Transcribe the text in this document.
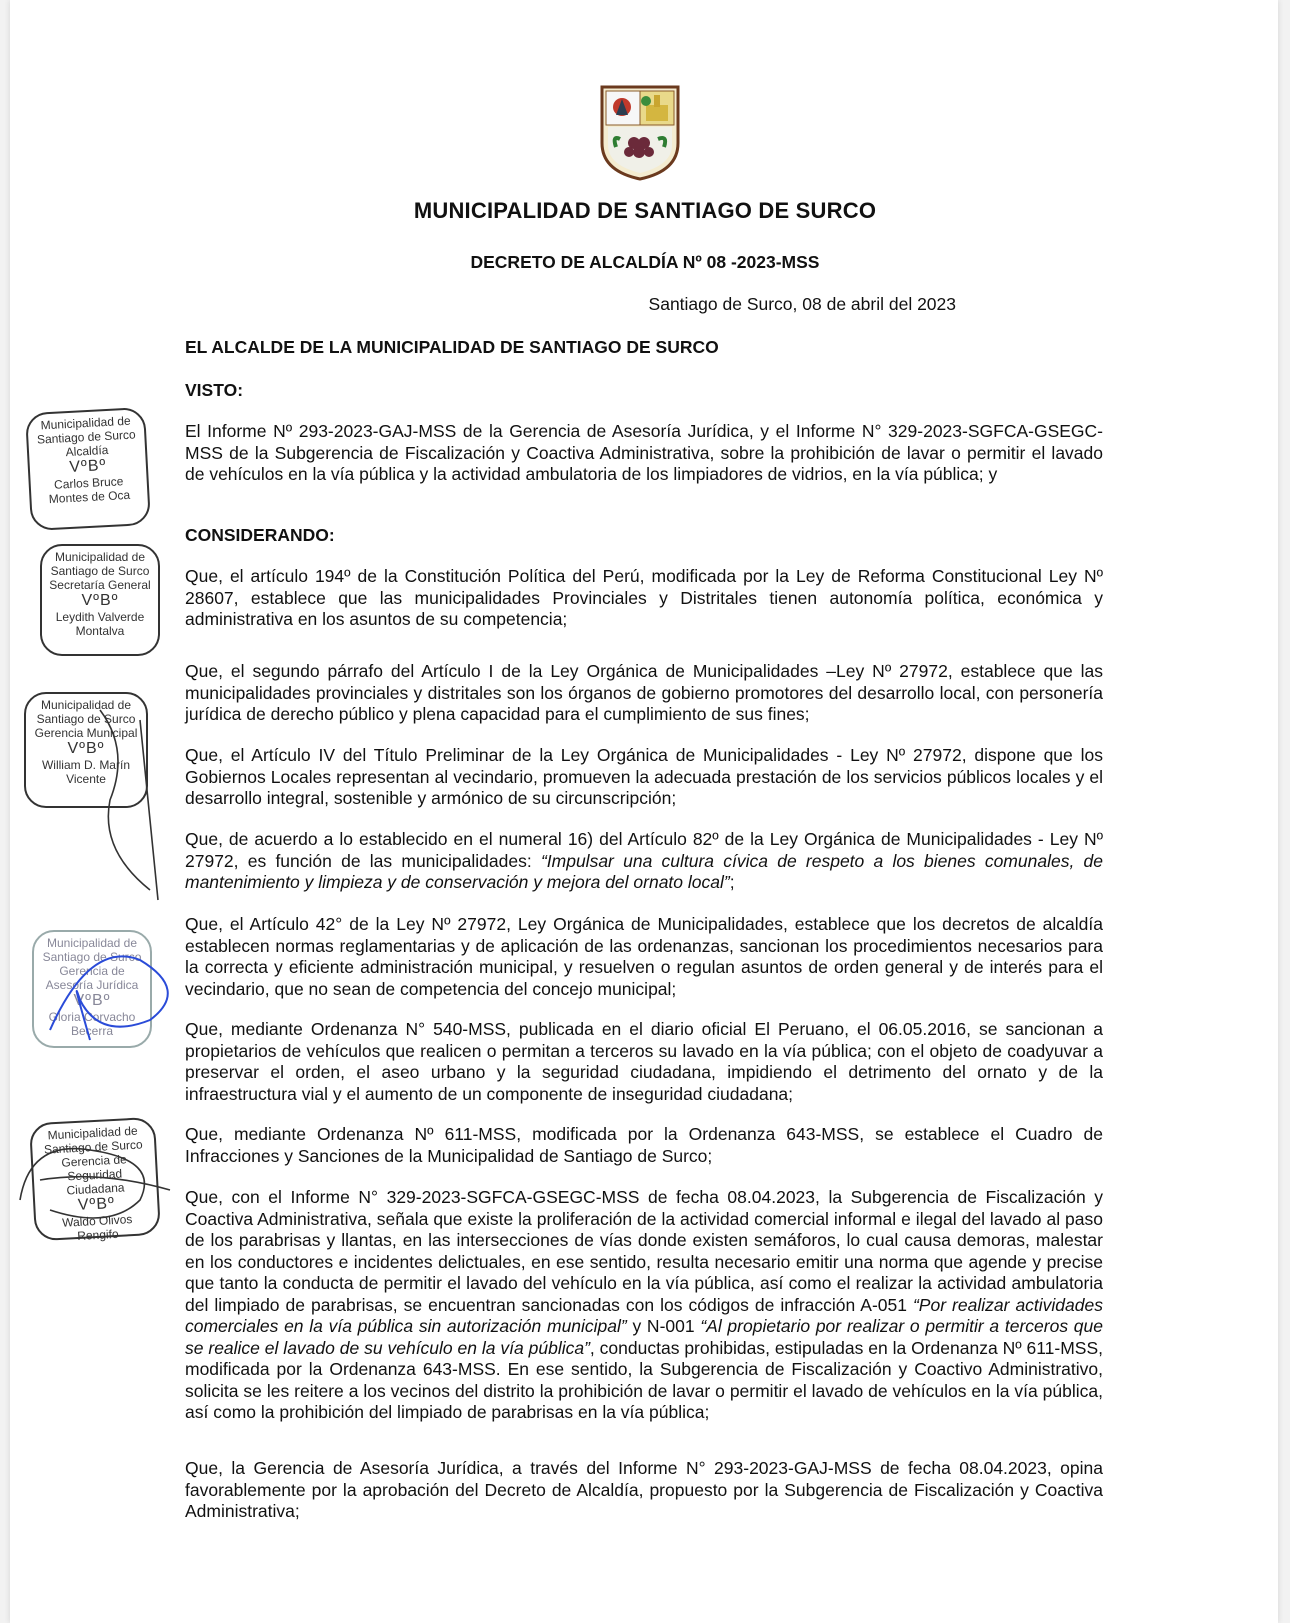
Municipalidad de Santiago de Surco
Alcaldía
VºBº
Carlos Bruce Montes de Oca
Municipalidad de Santiago de Surco
Secretaría General
VºBº
Leydith Valverde Montalva
Municipalidad de Santiago de Surco
Gerencia Municipal
VºBº
William D. Marín Vicente
Municipalidad de Santiago de Surco
Gerencia de Asesoría Jurídica
VºBº
Gloria Corvacho Becerra
Municipalidad de Santiago de Surco
Gerencia de Seguridad Ciudadana
VºBº
Waldo Olivos Rengifo
MUNICIPALIDAD DE SANTIAGO DE SURCO
DECRETO DE ALCALDÍA Nº 08 -2023-MSS
Santiago de Surco, 08 de abril del 2023
EL ALCALDE DE LA MUNICIPALIDAD DE SANTIAGO DE SURCO
VISTO:
El Informe Nº 293-2023-GAJ-MSS de la Gerencia de Asesoría Jurídica, y el Informe N° 329-2023-SGFCA-GSEGC-MSS de la Subgerencia de Fiscalización y Coactiva Administrativa, sobre la prohibición de lavar o permitir el lavado de vehículos en la vía pública y la actividad ambulatoria de los limpiadores de vidrios, en la vía pública; y
CONSIDERANDO:
Que, el artículo 194º de la Constitución Política del Perú, modificada por la Ley de Reforma Constitucional Ley Nº 28607, establece que las municipalidades Provinciales y Distritales tienen autonomía política, económica y administrativa en los asuntos de su competencia;
Que, el segundo párrafo del Artículo I de la Ley Orgánica de Municipalidades –Ley Nº 27972, establece que las municipalidades provinciales y distritales son los órganos de gobierno promotores del desarrollo local, con personería jurídica de derecho público y plena capacidad para el cumplimiento de sus fines;
Que, el Artículo IV del Título Preliminar de la Ley Orgánica de Municipalidades - Ley Nº 27972, dispone que los Gobiernos Locales representan al vecindario, promueven la adecuada prestación de los servicios públicos locales y el desarrollo integral, sostenible y armónico de su circunscripción;
Que, de acuerdo a lo establecido en el numeral 16) del Artículo 82º de la Ley Orgánica de Municipalidades - Ley Nº 27972, es función de las municipalidades: “Impulsar una cultura cívica de respeto a los bienes comunales, de mantenimiento y limpieza y de conservación y mejora del ornato local”;
Que, el Artículo 42° de la Ley Nº 27972, Ley Orgánica de Municipalidades, establece que los decretos de alcaldía establecen normas reglamentarias y de aplicación de las ordenanzas, sancionan los procedimientos necesarios para la correcta y eficiente administración municipal, y resuelven o regulan asuntos de orden general y de interés para el vecindario, que no sean de competencia del concejo municipal;
Que, mediante Ordenanza N° 540-MSS, publicada en el diario oficial El Peruano, el 06.05.2016, se sancionan a propietarios de vehículos que realicen o permitan a terceros su lavado en la vía pública; con el objeto de coadyuvar a preservar el orden, el aseo urbano y la seguridad ciudadana, impidiendo el detrimento del ornato y de la infraestructura vial y el aumento de un componente de inseguridad ciudadana;
Que, mediante Ordenanza Nº 611-MSS, modificada por la Ordenanza 643-MSS, se establece el Cuadro de Infracciones y Sanciones de la Municipalidad de Santiago de Surco;
Que, con el Informe N° 329-2023-SGFCA-GSEGC-MSS de fecha 08.04.2023, la Subgerencia de Fiscalización y Coactiva Administrativa, señala que existe la proliferación de la actividad comercial informal e ilegal del lavado al paso de los parabrisas y llantas, en las intersecciones de vías donde existen semáforos, lo cual causa demoras, malestar en los conductores e incidentes delictuales, en ese sentido, resulta necesario emitir una norma que agende y precise que tanto la conducta de permitir el lavado del vehículo en la vía pública, así como el realizar la actividad ambulatoria del limpiado de parabrisas, se encuentran sancionadas con los códigos de infracción A-051 “Por realizar actividades comerciales en la vía pública sin autorización municipal” y N-001 “Al propietario por realizar o permitir a terceros que se realice el lavado de su vehículo en la vía pública”, conductas prohibidas, estipuladas en la Ordenanza Nº 611-MSS, modificada por la Ordenanza 643-MSS. En ese sentido, la Subgerencia de Fiscalización y Coactivo Administrativo, solicita se les reitere a los vecinos del distrito la prohibición de lavar o permitir el lavado de vehículos en la vía pública, así como la prohibición del limpiado de parabrisas en la vía pública;
Que, la Gerencia de Asesoría Jurídica, a través del Informe N° 293-2023-GAJ-MSS de fecha 08.04.2023, opina favorablemente por la aprobación del Decreto de Alcaldía, propuesto por la Subgerencia de Fiscalización y Coactiva Administrativa;
